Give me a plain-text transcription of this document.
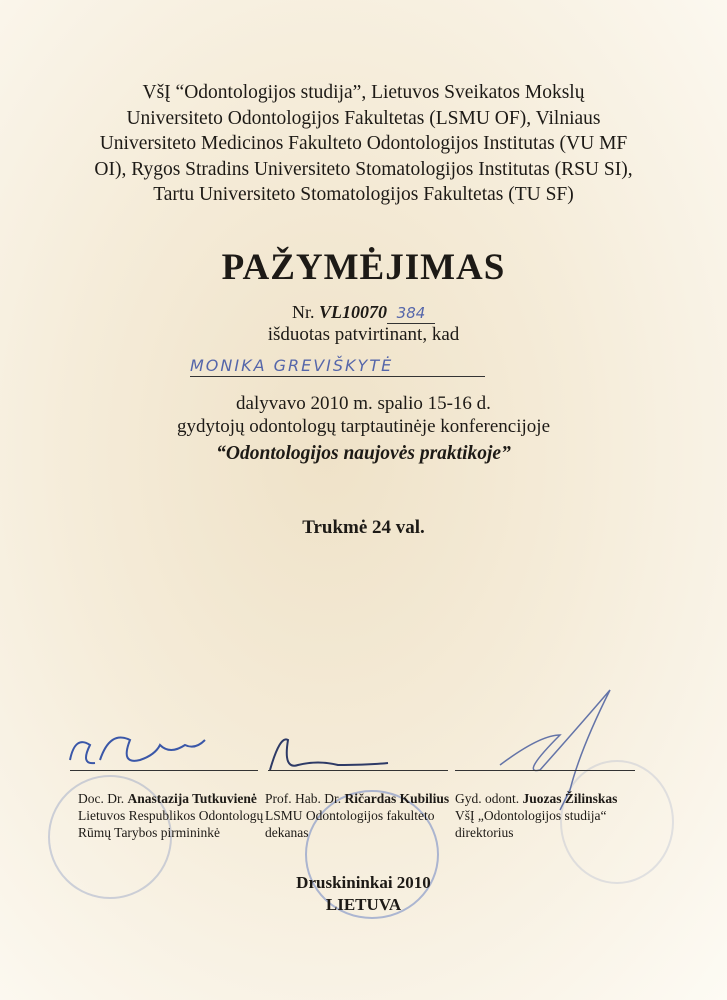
VšĮ “Odontologijos studija”, Lietuvos Sveikatos Mokslų
Universiteto Odontologijos Fakultetas (LSMU OF), Vilniaus
Universiteto Medicinos Fakulteto Odontologijos Institutas (VU MF
OI), Rygos Stradins Universiteto Stomatologijos Institutas (RSU SI),
Tartu Universiteto Stomatologijos Fakultetas (TU SF)
PAŽYMĖJIMAS
Nr. VL10070 384
išduotas patvirtinant, kad
MONIKA GREVIŠKYTĖ
dalyvavo 2010 m. spalio 15-16 d.
gydytojų odontologų tarptautinėje konferencijoje
“Odontologijos naujovės praktikoje”
Trukmė 24 val.
Doc. Dr. Anastazija Tutkuvienė
Lietuvos Respublikos Odontologų
Rūmų Tarybos pirmininkė
Prof. Hab. Dr. Ričardas Kubilius
LSMU Odontologijos fakulteto
dekanas
Gyd. odont. Juozas Žilinskas
VšĮ „Odontologijos studija“
direktorius
Druskininkai 2010
LIETUVA
